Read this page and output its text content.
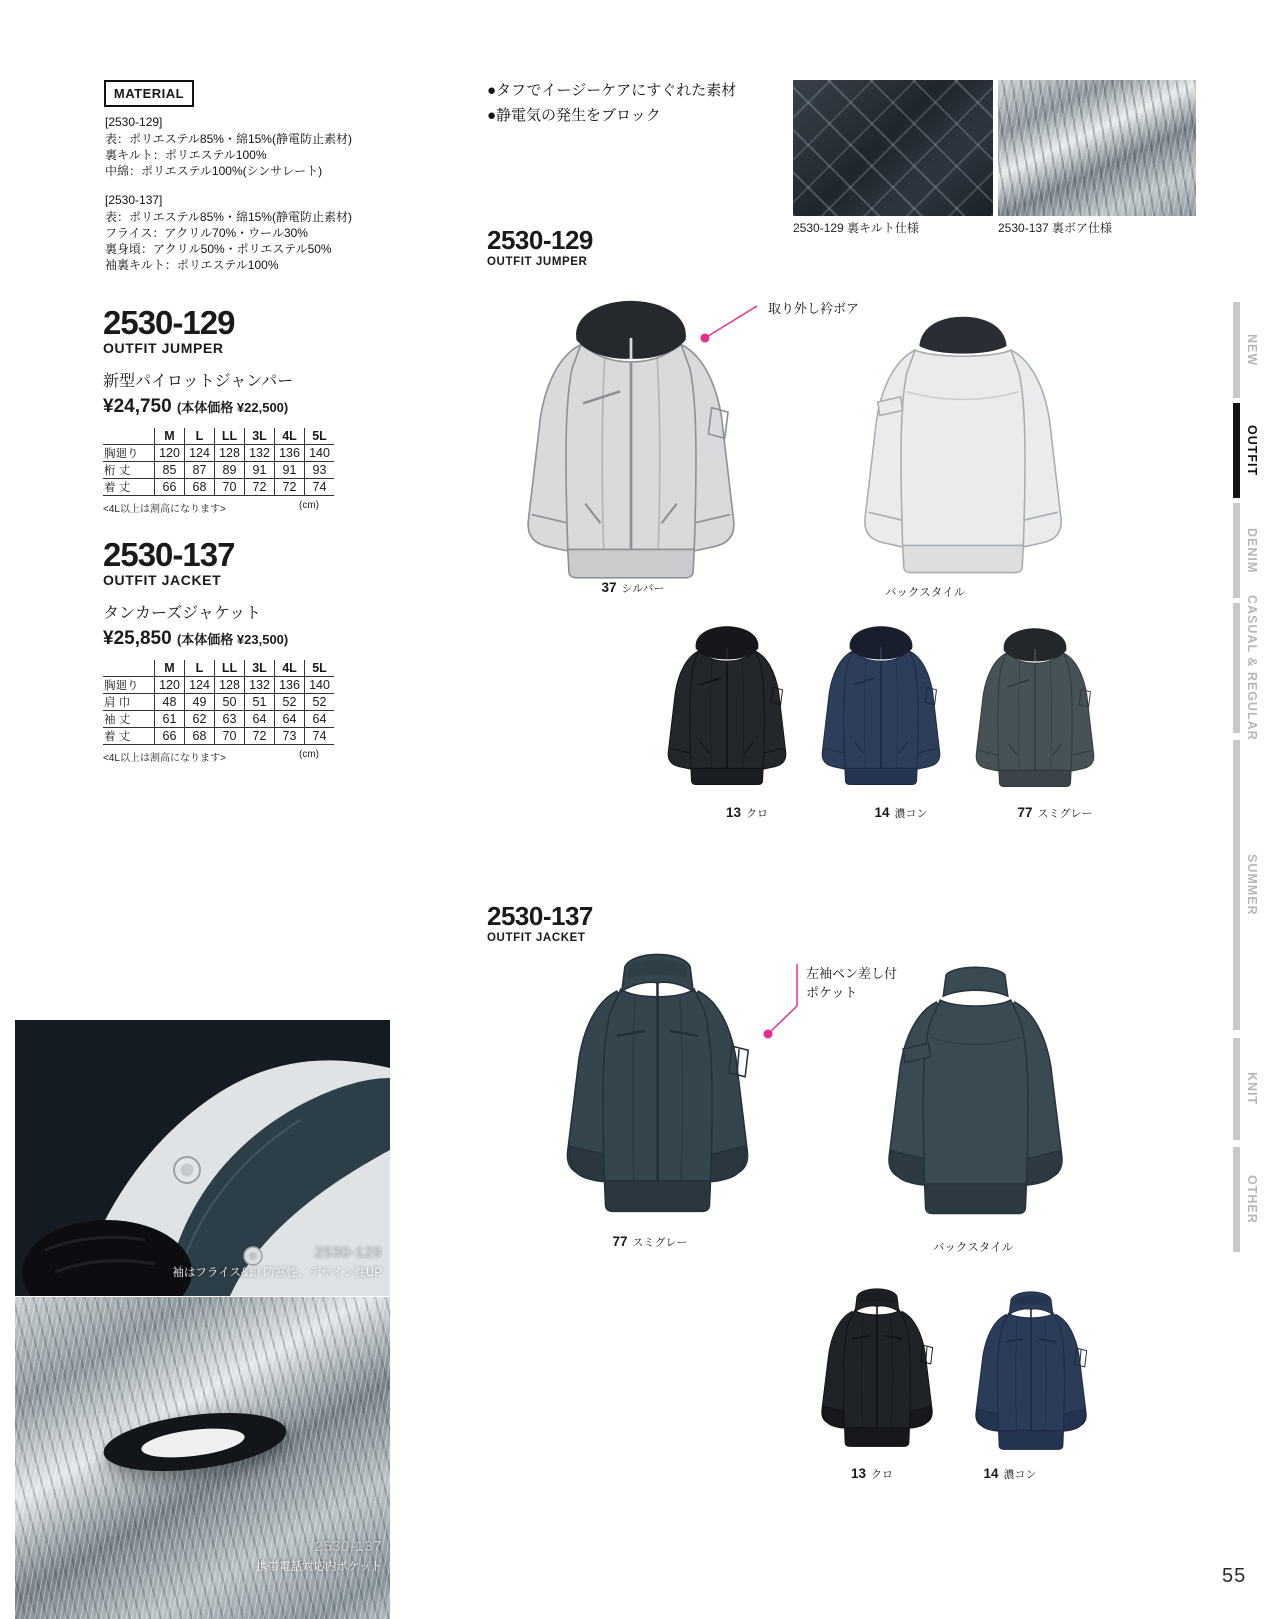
MATERIAL
[2530-129]
表：ポリエステル85%・綿15%(静電防止素材)
裏キルト：ポリエステル100%
中綿：ポリエステル100%(シンサレート)
[2530-137]
表：ポリエステル85%・綿15%(静電防止素材)
フライス：アクリル70%・ウール30%
裏身頃：アクリル50%・ポリエステル50%
袖裏キルト：ポリエステル100%
2530-129
OUTFIT JUMPER
新型パイロットジャンパー
¥24,750 (本体価格 ¥22,500)
	M	L	LL	3L	4L	5L
胸廻り	120	124	128	132	136	140
桁 丈	85	87	89	91	91	93
着 丈	66	68	70	72	72	74
<4L以上は割高になります>	(cm)
2530-137
OUTFIT JACKET
タンカーズジャケット
¥25,850 (本体価格 ¥23,500)
	M	L	LL	3L	4L	5L
胸廻り	120	124	128	132	136	140
肩 巾	48	49	50	51	52	52
袖 丈	61	62	63	64	64	64
着 丈	66	68	70	72	73	74
<4L以上は割高になります>	(cm)
●タフでイージーケアにすぐれた素材
●静電気の発生をブロック
2530-129 裏キルト仕様	2530-137 裏ボア仕様
2530-129
OUTFIT JUMPER
取り外し衿ボア
37 シルバー	バックスタイル
13 クロ	14 濃コン	77 スミグレー
2530-137
OUTFIT JACKET
左袖ペン差し付
ポケット
77 スミグレー	バックスタイル
13 クロ	14 濃コン
2530-129
袖はフライス&釦 防寒性、デザイン性UP
2530-137
携帯電話対応内ポケット
NEW
OUTFIT
DENIM
CASUAL & REGULAR
SUMMER
KNIT
OTHER
55
